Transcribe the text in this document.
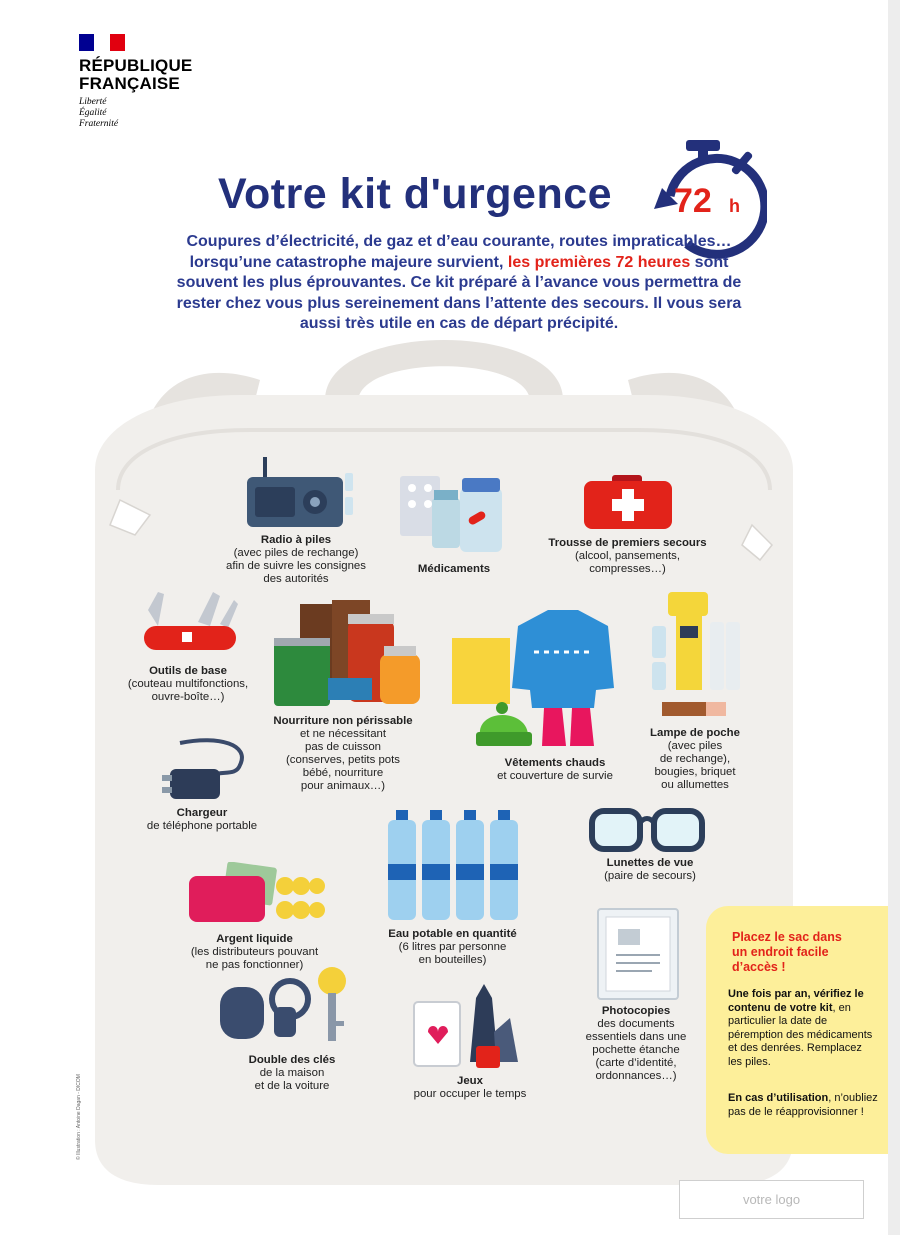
RÉPUBLIQUE
FRANÇAISE
Liberté
Égalité
Fraternité
Votre kit d'urgence 72 h
Coupures d’électricité, de gaz et d’eau courante, routes impraticables… lorsqu’une catastrophe majeure survient, les premières 72 heures sont souvent les plus éprouvantes. Ce kit préparé à l’avance vous permettra de rester chez vous plus sereinement dans l’attente des secours. Il vous sera aussi très utile en cas de départ précipité.
Radio à piles
(avec piles de rechange)
afin de suivre les consignes
des autorités
Médicaments
Trousse de premiers secours
(alcool, pansements,
compresses…)
Outils de base
(couteau multifonctions,
ouvre-boîte…)
Nourriture non périssable
et ne nécessitant
pas de cuisson
(conserves, petits pots
bébé, nourriture
pour animaux…)
Vêtements chauds
et couverture de survie
Lampe de poche
(avec piles
de rechange),
bougies, briquet
ou allumettes
Chargeur
de téléphone portable
Eau potable en quantité
(6 litres par personne
en bouteilles)
Lunettes de vue
(paire de secours)
Argent liquide
(les distributeurs pouvant
ne pas fonctionner)
Photocopies
des documents
essentiels dans une
pochette étanche
(carte d’identité,
ordonnances…)
Double des clés
de la maison
et de la voiture	Jeux
pour occuper le temps
Placez le sac dans un endroit facile d’accès !
Une fois par an, vérifiez le contenu de votre kit, en particulier la date de péremption des médicaments et des denrées. Remplacez les piles.
En cas d’utilisation, n’oubliez pas de le réapprovisionner !
votre logo
© Illustration : Antoine Dagan - DICOM
